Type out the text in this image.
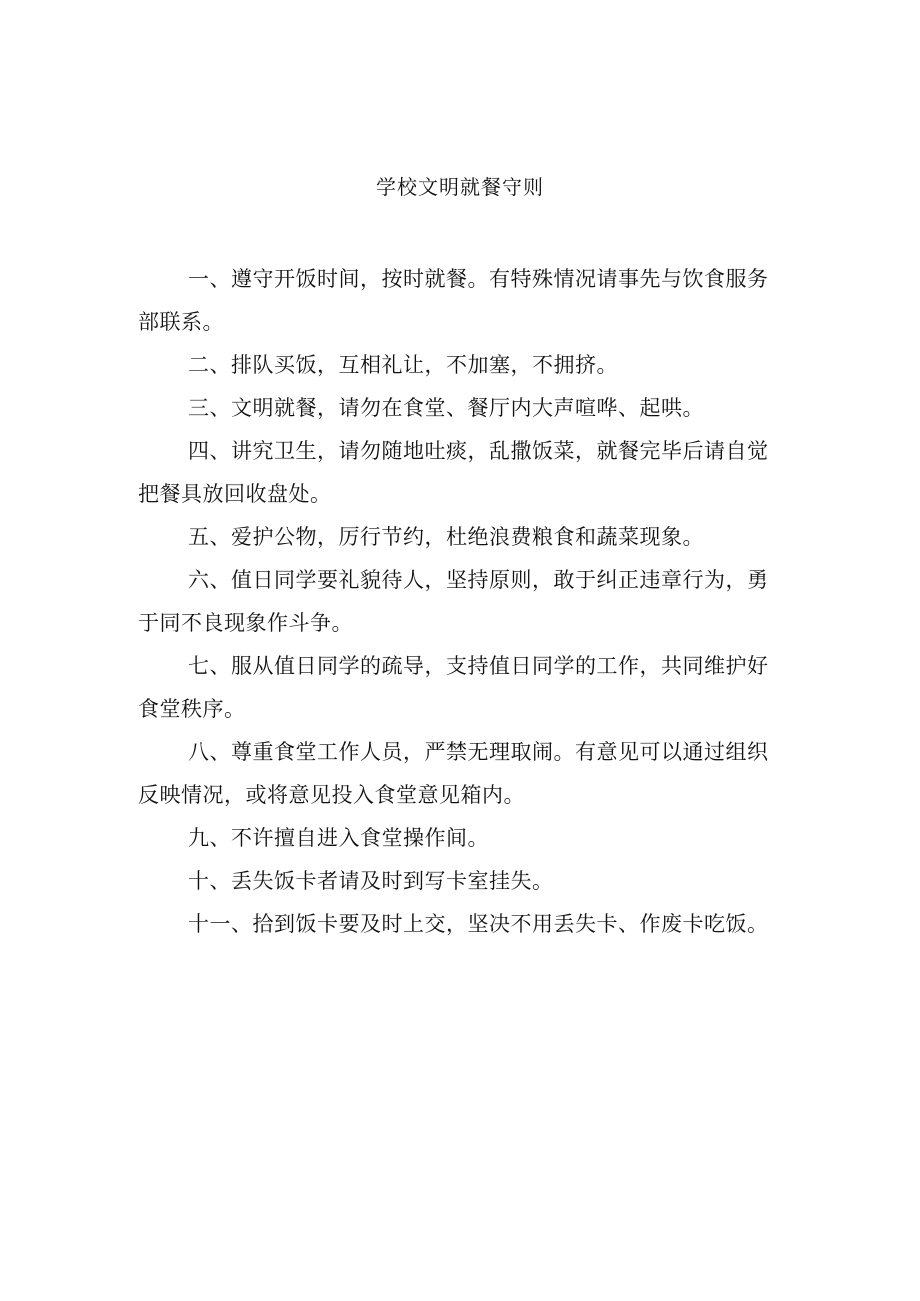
学校文明就餐守则

一、遵守开饭时间，按时就餐。有特殊情况请事先与饮食服务部联系。

二、排队买饭，互相礼让，不加塞，不拥挤。

三、文明就餐，请勿在食堂、餐厅内大声喧哗、起哄。

四、讲究卫生，请勿随地吐痰，乱撒饭菜，就餐完毕后请自觉把餐具放回收盘处。

五、爱护公物，厉行节约，杜绝浪费粮食和蔬菜现象。

六、值日同学要礼貌待人，坚持原则，敢于纠正违章行为，勇于同不良现象作斗争。

七、服从值日同学的疏导，支持值日同学的工作，共同维护好食堂秩序。

八、尊重食堂工作人员，严禁无理取闹。有意见可以通过组织反映情况，或将意见投入食堂意见箱内。

九、不许擅自进入食堂操作间。

十、丢失饭卡者请及时到写卡室挂失。

十一、拾到饭卡要及时上交，坚决不用丢失卡、作废卡吃饭。
